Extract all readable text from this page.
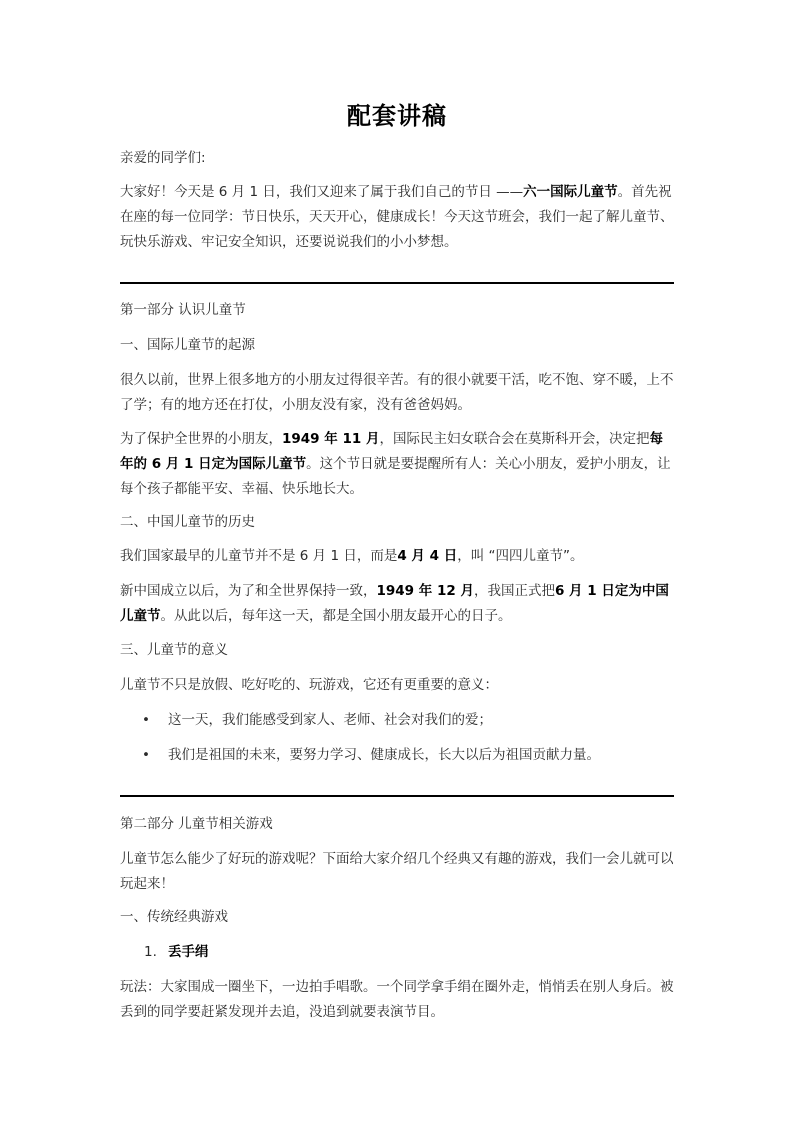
配套讲稿
亲爱的同学们:
大家好！今天是 6 月 1 日，我们又迎来了属于我们自己的节日 ——六一国际儿童节。首先祝在座的每一位同学：节日快乐，天天开心，健康成长！今天这节班会，我们一起了解儿童节、玩快乐游戏、牢记安全知识，还要说说我们的小小梦想。
第一部分 认识儿童节
一、国际儿童节的起源
很久以前，世界上很多地方的小朋友过得很辛苦。有的很小就要干活，吃不饱、穿不暖，上不了学；有的地方还在打仗，小朋友没有家，没有爸爸妈妈。
为了保护全世界的小朋友，1949 年 11 月，国际民主妇女联合会在莫斯科开会，决定把每年的 6 月 1 日定为国际儿童节。这个节日就是要提醒所有人：关心小朋友，爱护小朋友，让每个孩子都能平安、幸福、快乐地长大。
二、中国儿童节的历史
我们国家最早的儿童节并不是 6 月 1 日，而是4 月 4 日，叫 “四四儿童节”。
新中国成立以后，为了和全世界保持一致，1949 年 12 月，我国正式把6 月 1 日定为中国儿童节。从此以后，每年这一天，都是全国小朋友最开心的日子。
三、儿童节的意义
儿童节不只是放假、吃好吃的、玩游戏，它还有更重要的意义：
• 这一天，我们能感受到家人、老师、社会对我们的爱；
• 我们是祖国的未来，要努力学习、健康成长，长大以后为祖国贡献力量。
第二部分 儿童节相关游戏
儿童节怎么能少了好玩的游戏呢？下面给大家介绍几个经典又有趣的游戏，我们一会儿就可以玩起来！
一、传统经典游戏
1. 丢手绢
玩法：大家围成一圈坐下，一边拍手唱歌。一个同学拿手绢在圈外走，悄悄丢在别人身后。被丢到的同学要赶紧发现并去追，没追到就要表演节目。
